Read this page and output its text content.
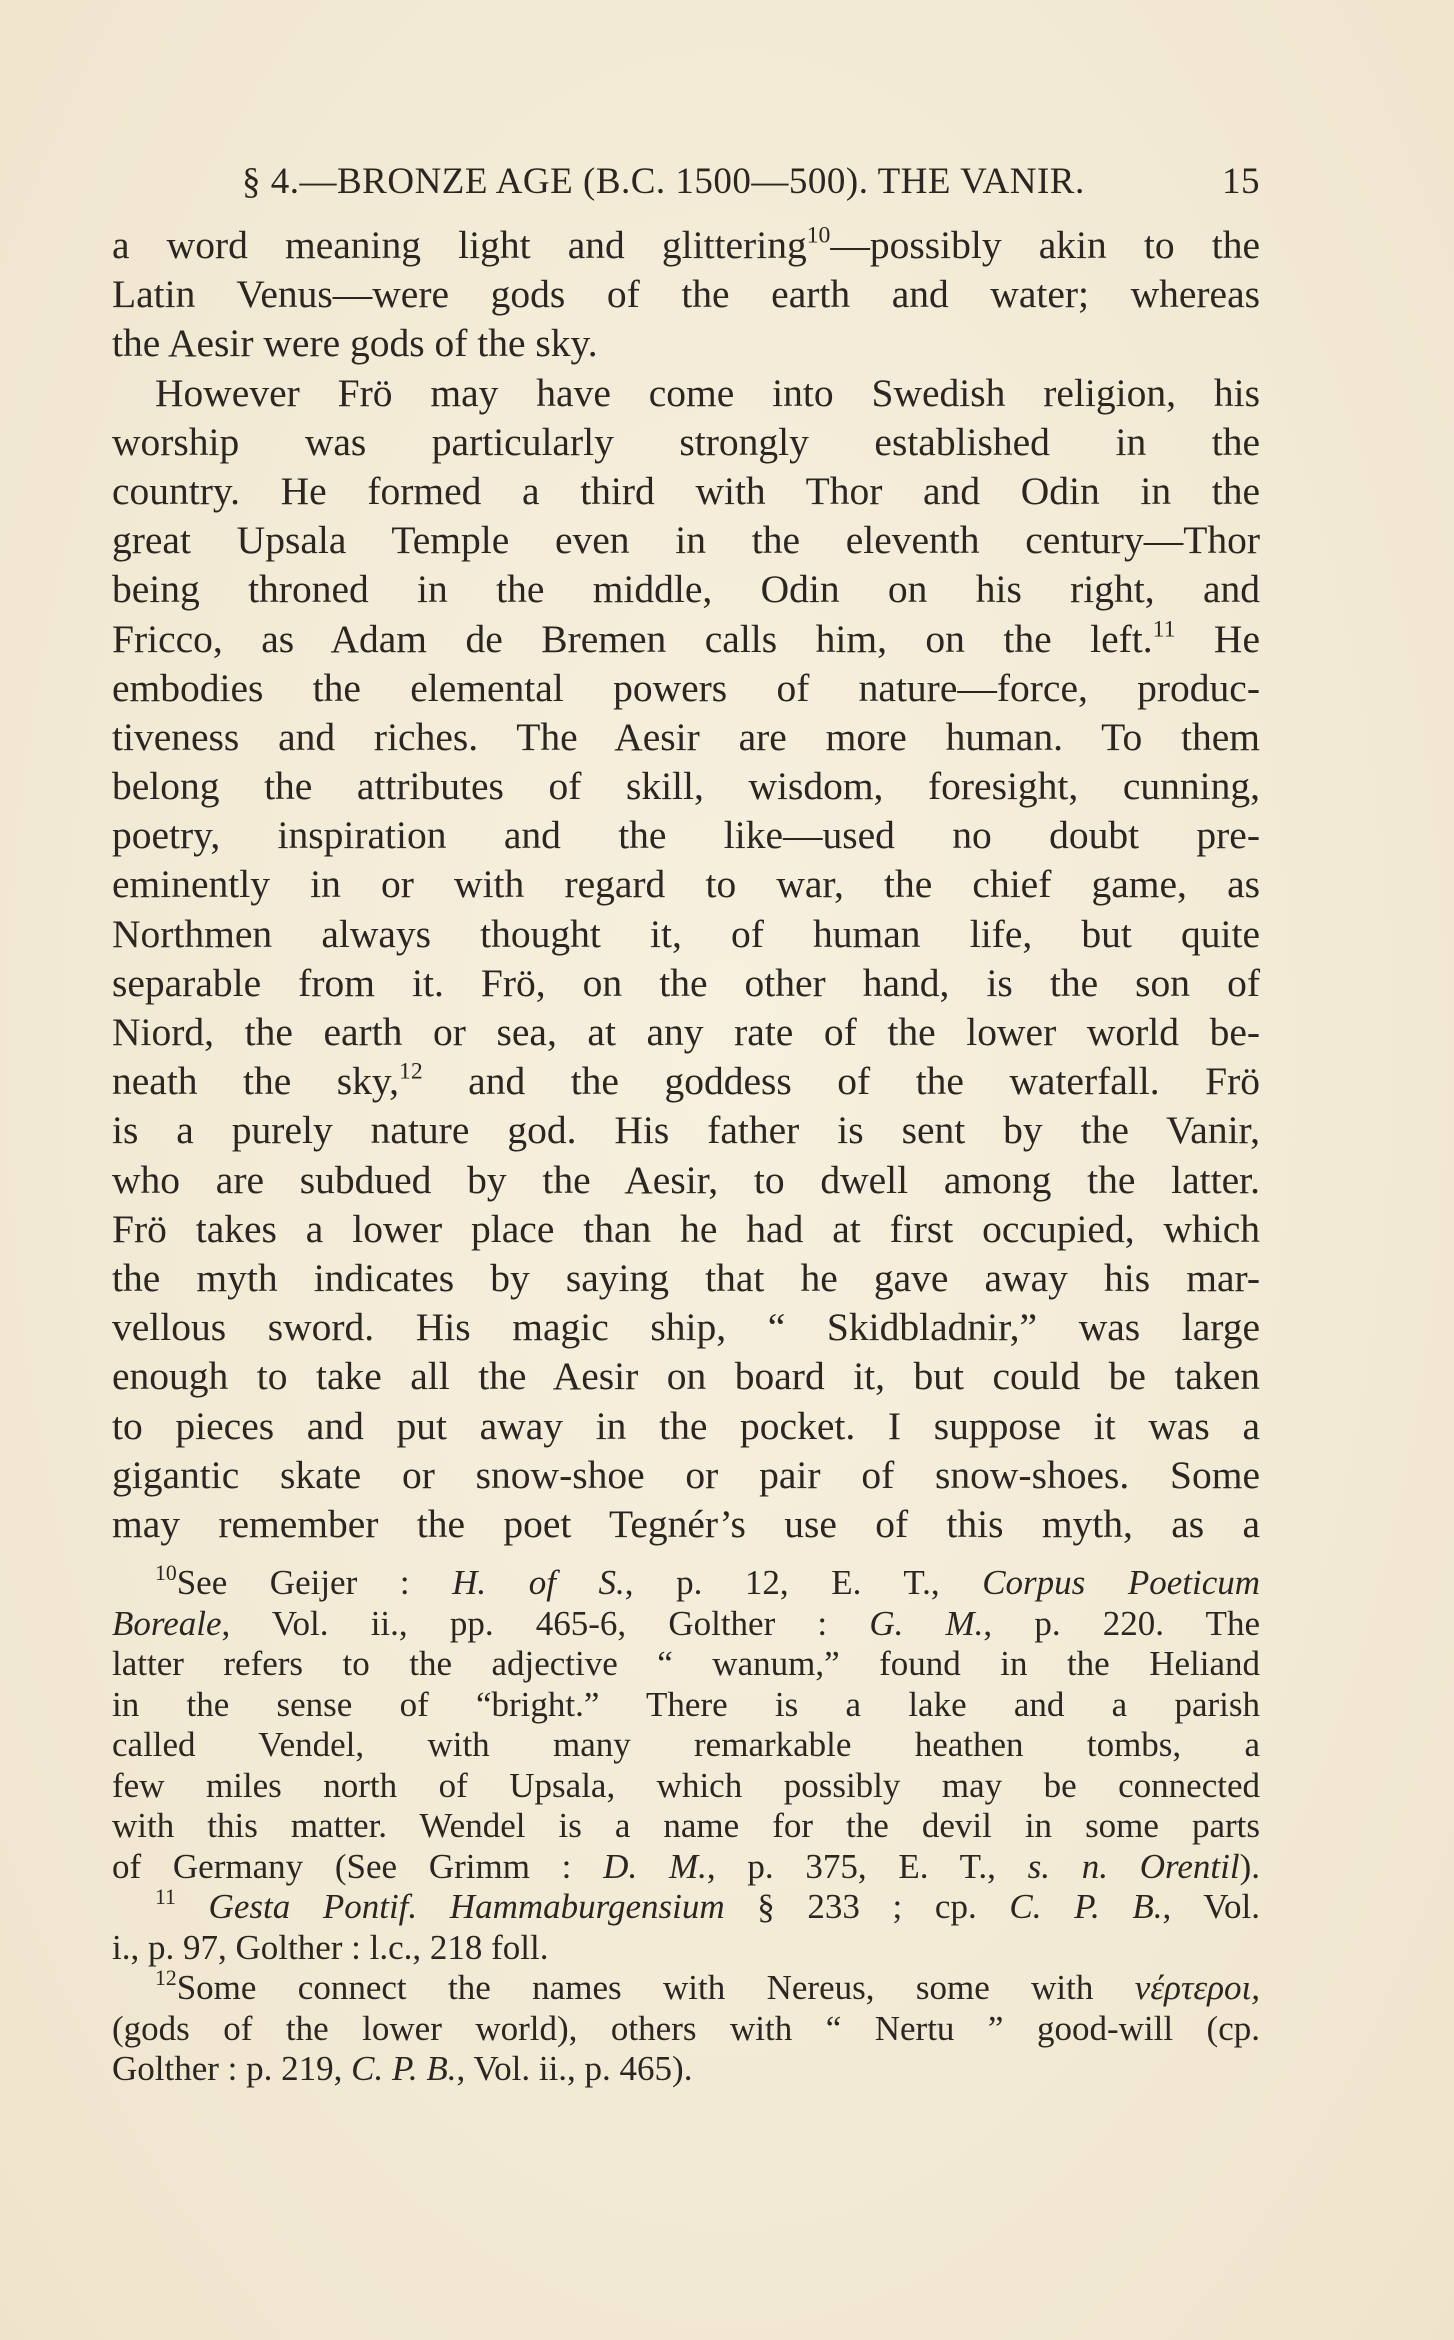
§ 4.—BRONZE AGE (B.C. 1500—500). THE VANIR.	15
a word meaning light and glittering$^{10}$—possibly akin to the
Latin Venus—were gods of the earth and water; whereas
the Aesir were gods of the sky.
However Frö may have come into Swedish religion, his
worship was particularly strongly established in the
country. He formed a third with Thor and Odin in the
great Upsala Temple even in the eleventh century—Thor
being throned in the middle, Odin on his right, and
Fricco, as Adam de Bremen calls him, on the left.$^{11}$ He
embodies the elemental powers of nature—force, produc-
tiveness and riches. The Aesir are more human. To them
belong the attributes of skill, wisdom, foresight, cunning,
poetry, inspiration and the like—used no doubt pre-
eminently in or with regard to war, the chief game, as
Northmen always thought it, of human life, but quite
separable from it. Frö, on the other hand, is the son of
Niord, the earth or sea, at any rate of the lower world be-
neath the sky,$^{12}$ and the goddess of the waterfall. Frö
is a purely nature god. His father is sent by the Vanir,
who are subdued by the Aesir, to dwell among the latter.
Frö takes a lower place than he had at first occupied, which
the myth indicates by saying that he gave away his mar-
vellous sword. His magic ship, “ Skidbladnir,” was large
enough to take all the Aesir on board it, but could be taken
to pieces and put away in the pocket. I suppose it was a
gigantic skate or snow-shoe or pair of snow-shoes. Some
may remember the poet Tegnér’s use of this myth, as a
$^{10}$See Geijer : H. of S., p. 12, E. T., Corpus Poeticum
Boreale, Vol. ii., pp. 465-6, Golther : G. M., p. 220. The
latter refers to the adjective “ wanum,” found in the Heliand
in the sense of “bright.” There is a lake and a parish
called Vendel, with many remarkable heathen tombs, a
few miles north of Upsala, which possibly may be connected
with this matter. Wendel is a name for the devil in some parts
of Germany (See Grimm : D. M., p. 375, E. T., s. n. Orentil).
$^{11}$ Gesta Pontif. Hammaburgensium § 233 ; cp. C. P. B., Vol.
i., p. 97, Golther : l.c., 218 foll.
$^{12}$Some connect the names with Nereus, some with νέρτεροι,
(gods of the lower world), others with “ Nertu ” good-will (cp.
Golther : p. 219, C. P. B., Vol. ii., p. 465).
